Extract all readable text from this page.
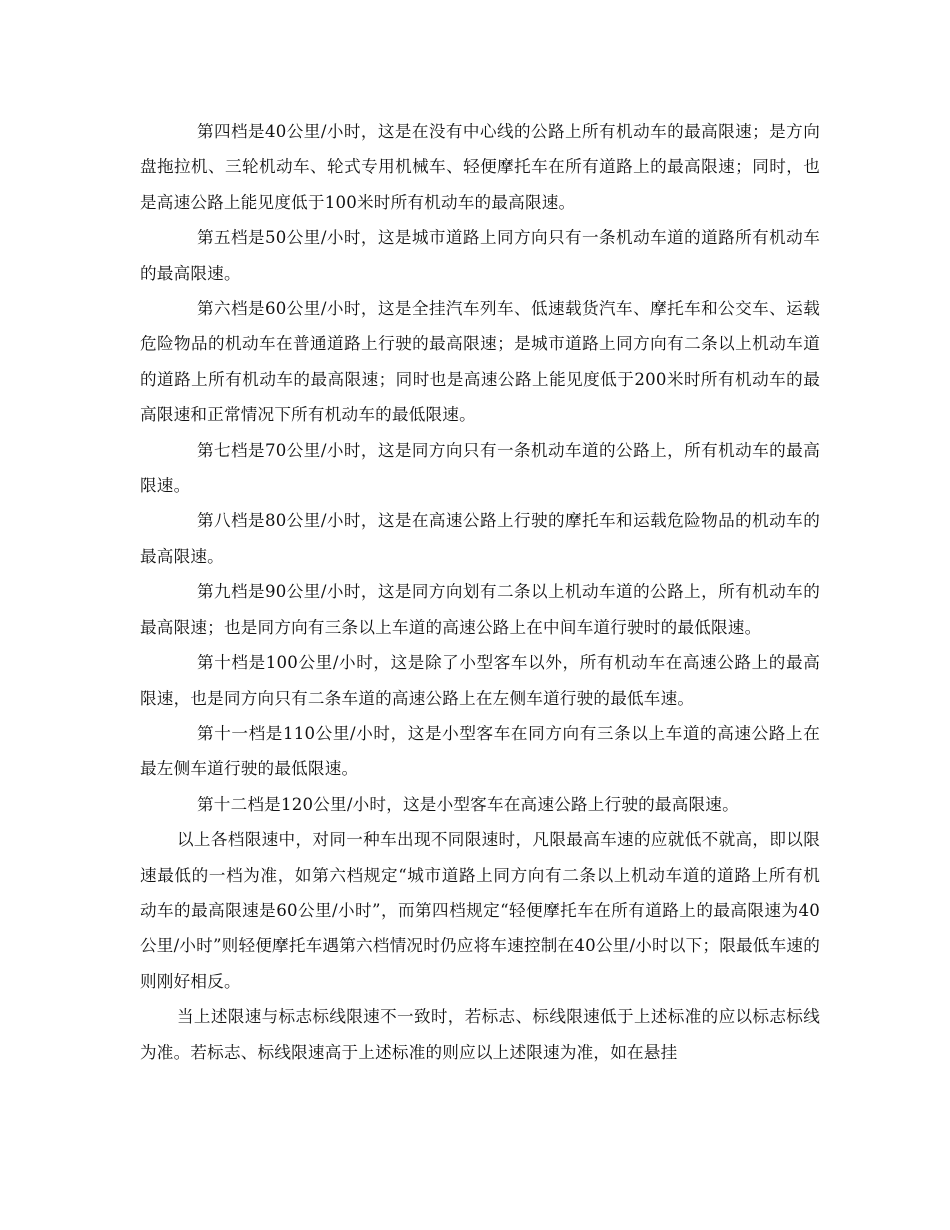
第四档是40公里/小时，这是在没有中心线的公路上所有机动车的最高限速；是方向盘拖拉机、三轮机动车、轮式专用机械车、轻便摩托车在所有道路上的最高限速；同时，也是高速公路上能见度低于100米时所有机动车的最高限速。

第五档是50公里/小时，这是城市道路上同方向只有一条机动车道的道路所有机动车的最高限速。

第六档是60公里/小时，这是全挂汽车列车、低速载货汽车、摩托车和公交车、运载危险物品的机动车在普通道路上行驶的最高限速；是城市道路上同方向有二条以上机动车道的道路上所有机动车的最高限速；同时也是高速公路上能见度低于200米时所有机动车的最高限速和正常情况下所有机动车的最低限速。

第七档是70公里/小时，这是同方向只有一条机动车道的公路上，所有机动车的最高限速。

第八档是80公里/小时，这是在高速公路上行驶的摩托车和运载危险物品的机动车的最高限速。

第九档是90公里/小时，这是同方向划有二条以上机动车道的公路上，所有机动车的最高限速；也是同方向有三条以上车道的高速公路上在中间车道行驶时的最低限速。

第十档是100公里/小时，这是除了小型客车以外，所有机动车在高速公路上的最高限速，也是同方向只有二条车道的高速公路上在左侧车道行驶的最低车速。

第十一档是110公里/小时，这是小型客车在同方向有三条以上车道的高速公路上在最左侧车道行驶的最低限速。

第十二档是120公里/小时，这是小型客车在高速公路上行驶的最高限速。

以上各档限速中，对同一种车出现不同限速时，凡限最高车速的应就低不就高，即以限速最低的一档为准，如第六档规定“城市道路上同方向有二条以上机动车道的道路上所有机动车的最高限速是60公里/小时”，而第四档规定“轻便摩托车在所有道路上的最高限速为40公里/小时”则轻便摩托车遇第六档情况时仍应将车速控制在40公里/小时以下；限最低车速的则刚好相反。

当上述限速与标志标线限速不一致时，若标志、标线限速低于上述标准的应以标志标线为准。若标志、标线限速高于上述标准的则应以上述限速为准，如在悬挂
